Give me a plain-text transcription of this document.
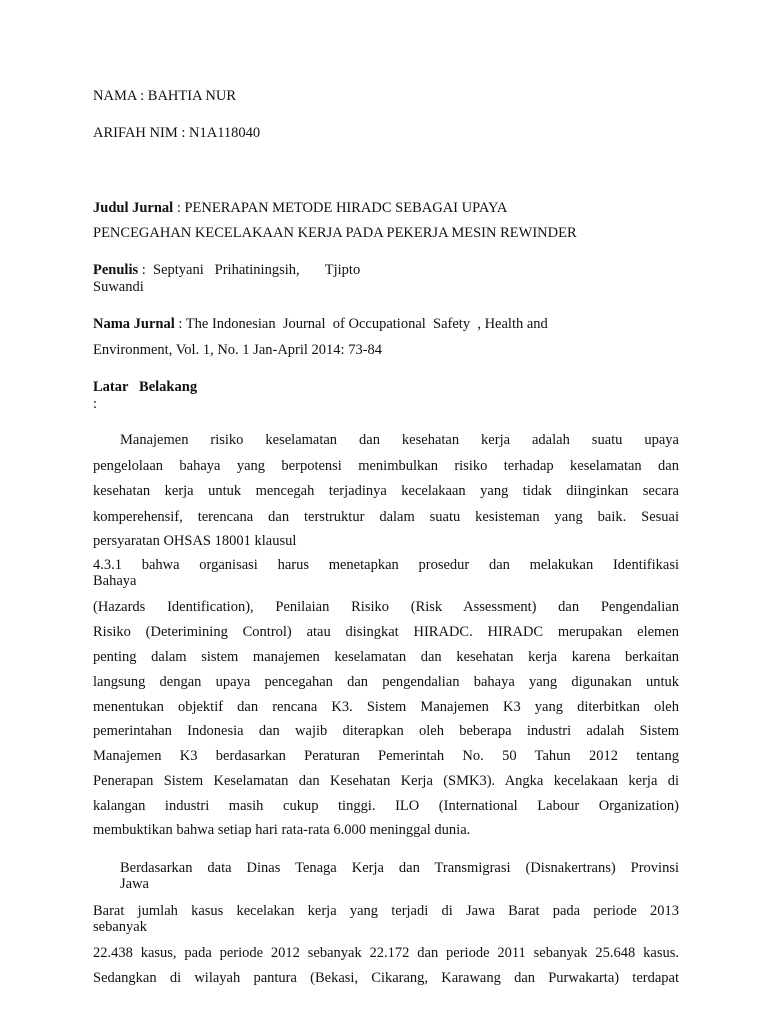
NAMA : BAHTIA NUR
ARIFAH NIM : N1A118040
Judul Jurnal : PENERAPAN METODE HIRADC SEBAGAI UPAYA
PENCEGAHAN KECELAKAAN KERJA PADA PEKERJA MESIN REWINDER
Penulis :  Septyani   Prihatiningsih,       Tjipto
Suwandi
Nama Jurnal : The Indonesian  Journal  of Occupational  Safety  , Health and
Environment, Vol. 1, No. 1 Jan-April 2014: 73-84
Latar   Belakang
:
Manajemen risiko keselamatan dan kesehatan kerja adalah suatu upaya
pengelolaan bahaya yang berpotensi menimbulkan risiko terhadap keselamatan dan
kesehatan kerja untuk mencegah terjadinya kecelakaan yang tidak diinginkan secara
komperehensif, terencana dan terstruktur dalam suatu kesisteman yang baik. Sesuai
persyaratan OHSAS 18001 klausul
4.3.1 bahwa organisasi harus menetapkan prosedur dan melakukan Identifikasi
Bahaya
(Hazards Identification), Penilaian Risiko (Risk Assessment) dan Pengendalian
Risiko (Deterimining Control) atau disingkat HIRADC. HIRADC merupakan elemen
penting dalam sistem manajemen keselamatan dan kesehatan kerja karena berkaitan
langsung dengan upaya pencegahan dan pengendalian bahaya yang digunakan untuk
menentukan objektif dan rencana K3. Sistem Manajemen K3 yang diterbitkan oleh
pemerintahan Indonesia dan wajib diterapkan oleh beberapa industri adalah Sistem
Manajemen K3 berdasarkan Peraturan Pemerintah No. 50 Tahun 2012 tentang
Penerapan Sistem Keselamatan dan Kesehatan Kerja (SMK3). Angka kecelakaan kerja di
kalangan industri masih cukup tinggi. ILO (International Labour Organization)
membuktikan bahwa setiap hari rata-rata 6.000 meninggal dunia.
Berdasarkan data Dinas Tenaga Kerja dan Transmigrasi (Disnakertrans) Provinsi
Jawa
Barat jumlah kasus kecelakan kerja yang terjadi di Jawa Barat pada periode 2013
sebanyak
22.438 kasus, pada periode 2012 sebanyak 22.172 dan periode 2011 sebanyak 25.648 kasus.
Sedangkan di wilayah pantura (Bekasi, Cikarang, Karawang dan Purwakarta) terdapat
